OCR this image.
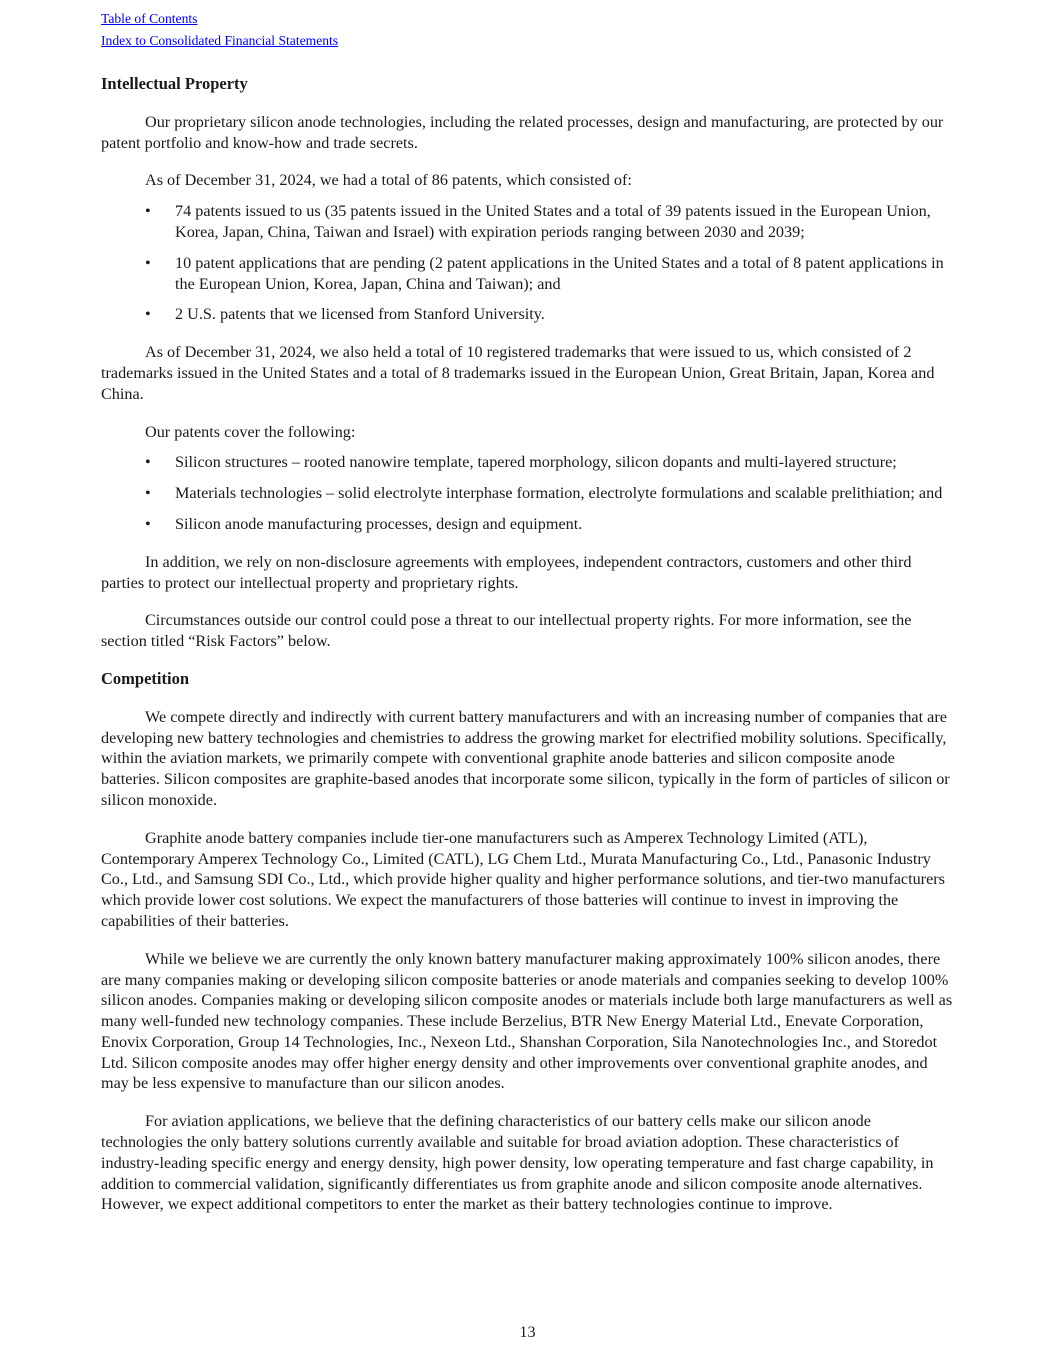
Table of Contents
Index to Consolidated Financial Statements
Intellectual Property

Our proprietary silicon anode technologies, including the related processes, design and manufacturing, are protected by our patent portfolio and know-how and trade secrets.

As of December 31, 2024, we had a total of 86 patents, which consisted of:

• 74 patents issued to us (35 patents issued in the United States and a total of 39 patents issued in the European Union, Korea, Japan, China, Taiwan and Israel) with expiration periods ranging between 2030 and 2039;
• 10 patent applications that are pending (2 patent applications in the United States and a total of 8 patent applications in the European Union, Korea, Japan, China and Taiwan); and
• 2 U.S. patents that we licensed from Stanford University.

As of December 31, 2024, we also held a total of 10 registered trademarks that were issued to us, which consisted of 2 trademarks issued in the United States and a total of 8 trademarks issued in the European Union, Great Britain, Japan, Korea and China.

Our patents cover the following:

• Silicon structures – rooted nanowire template, tapered morphology, silicon dopants and multi-layered structure;
• Materials technologies – solid electrolyte interphase formation, electrolyte formulations and scalable prelithiation; and
• Silicon anode manufacturing processes, design and equipment.

In addition, we rely on non-disclosure agreements with employees, independent contractors, customers and other third parties to protect our intellectual property and proprietary rights.

Circumstances outside our control could pose a threat to our intellectual property rights. For more information, see the section titled “Risk Factors” below.

Competition

We compete directly and indirectly with current battery manufacturers and with an increasing number of companies that are developing new battery technologies and chemistries to address the growing market for electrified mobility solutions. Specifically, within the aviation markets, we primarily compete with conventional graphite anode batteries and silicon composite anode batteries. Silicon composites are graphite-based anodes that incorporate some silicon, typically in the form of particles of silicon or silicon monoxide.

Graphite anode battery companies include tier-one manufacturers such as Amperex Technology Limited (ATL), Contemporary Amperex Technology Co., Limited (CATL), LG Chem Ltd., Murata Manufacturing Co., Ltd., Panasonic Industry Co., Ltd., and Samsung SDI Co., Ltd., which provide higher quality and higher performance solutions, and tier-two manufacturers which provide lower cost solutions. We expect the manufacturers of those batteries will continue to invest in improving the capabilities of their batteries.

While we believe we are currently the only known battery manufacturer making approximately 100% silicon anodes, there are many companies making or developing silicon composite batteries or anode materials and companies seeking to develop 100% silicon anodes. Companies making or developing silicon composite anodes or materials include both large manufacturers as well as many well-funded new technology companies. These include Berzelius, BTR New Energy Material Ltd., Enevate Corporation, Enovix Corporation, Group 14 Technologies, Inc., Nexeon Ltd., Shanshan Corporation, Sila Nanotechnologies Inc., and Storedot Ltd. Silicon composite anodes may offer higher energy density and other improvements over conventional graphite anodes, and may be less expensive to manufacture than our silicon anodes.

For aviation applications, we believe that the defining characteristics of our battery cells make our silicon anode technologies the only battery solutions currently available and suitable for broad aviation adoption. These characteristics of industry-leading specific energy and energy density, high power density, low operating temperature and fast charge capability, in addition to commercial validation, significantly differentiates us from graphite anode and silicon composite anode alternatives. However, we expect additional competitors to enter the market as their battery technologies continue to improve.

13
